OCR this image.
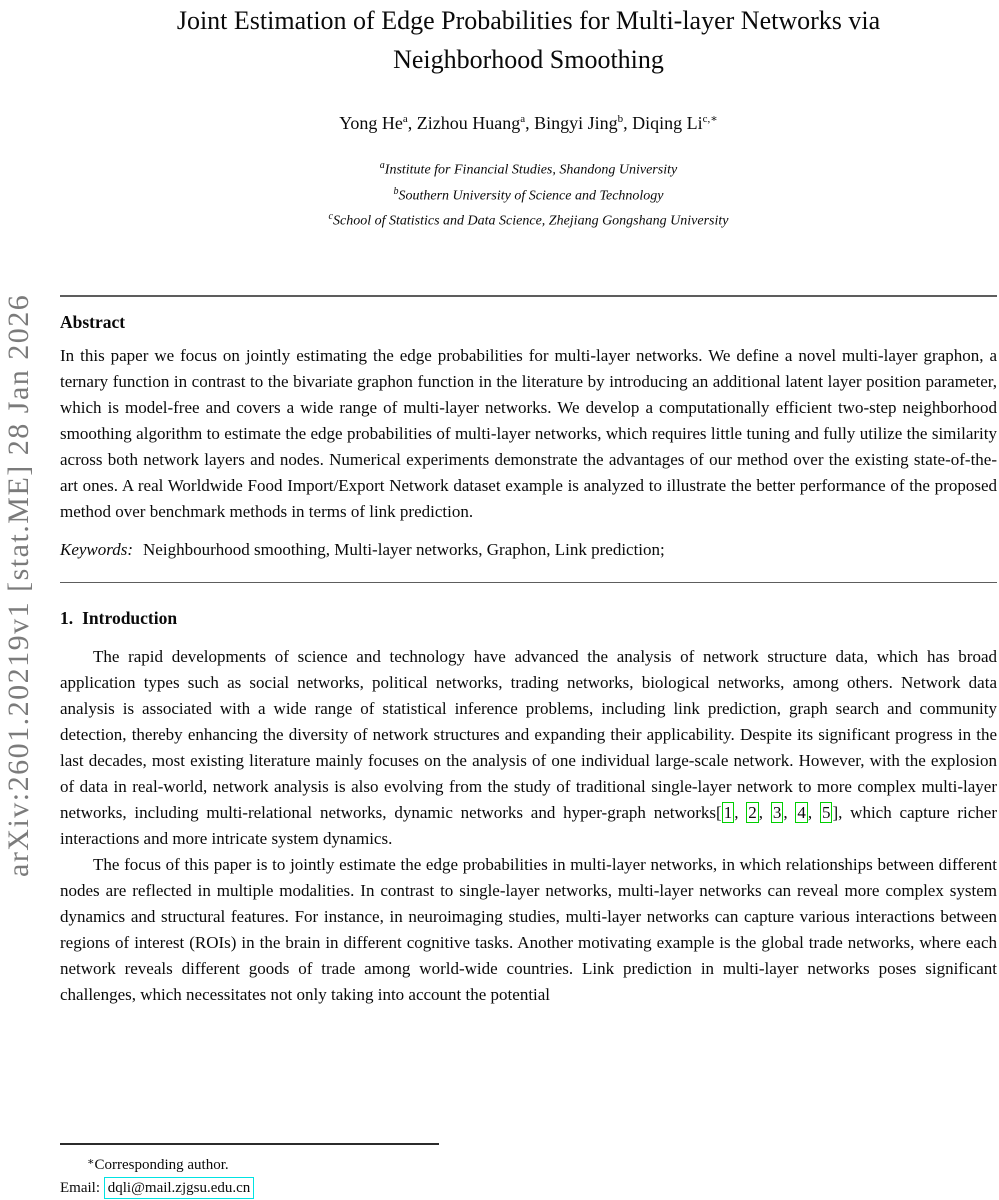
arXiv:2601.20219v1 [stat.ME] 28 Jan 2026
Joint Estimation of Edge Probabilities for Multi-layer Networks via
Neighborhood Smoothing
Yong He$^a$, Zizhou Huang$^a$, Bingyi Jing$^b$, Diqing $Li^{c,∗}$
$^a$Institute for Financial Studies, Shandong University
$^b$Southern University of Science and Technology
$^c$School of Statistics and Data Science, Zhejiang Gongshang University
Abstract
In this paper we focus on jointly estimating the edge probabilities for multi-layer networks. We define a novel multi-layer graphon, a ternary function in contrast to the bivariate graphon function in the literature by introducing an additional latent layer position parameter, which is model-free and covers a wide range of multi-layer networks. We develop a computationally efficient two-step neighborhood smoothing algorithm to estimate the edge probabilities of multi-layer networks, which requires little tuning and fully utilize the similarity across both network layers and nodes. Numerical experiments demonstrate the advantages of our method over the existing state-of-the-art ones. A real Worldwide Food Import/Export Network dataset example is analyzed to illustrate the better performance of the proposed method over benchmark methods in terms of link prediction.
Keywords: Neighbourhood smoothing, Multi-layer networks, Graphon, Link prediction;
1. Introduction
The rapid developments of science and technology have advanced the analysis of network structure data, which has broad application types such as social networks, political networks, trading networks, biological networks, among others. Network data analysis is associated with a wide range of statistical inference problems, including link prediction, graph search and community detection, thereby enhancing the diversity of network structures and expanding their applicability. Despite its significant progress in the last decades, most existing literature mainly focuses on the analysis of one individual large-scale network. However, with the explosion of data in real-world, network analysis is also evolving from the study of traditional single-layer network to more complex multi-layer networks, including multi-relational networks, dynamic networks and hyper-graph networks[ 1 , 2 , 3 , 4 , 5 ], which capture richer interactions and more intricate system dynamics.
The focus of this paper is to jointly estimate the edge probabilities in multi-layer networks, in which relationships between different nodes are reflected in multiple modalities. In contrast to single-layer networks, multi-layer networks can reveal more complex system dynamics and structural features. For instance, in neuroimaging studies, multi-layer networks can capture various interactions between regions of interest (ROIs) in the brain in different cognitive tasks. Another motivating example is the global trade networks, where each network reveals different goods of trade among world-wide countries. Link prediction in multi-layer networks poses significant challenges, which necessitates not only taking into account the potential
∗Corresponding author.
Email: dqli@mail.zjgsu.edu.cn
